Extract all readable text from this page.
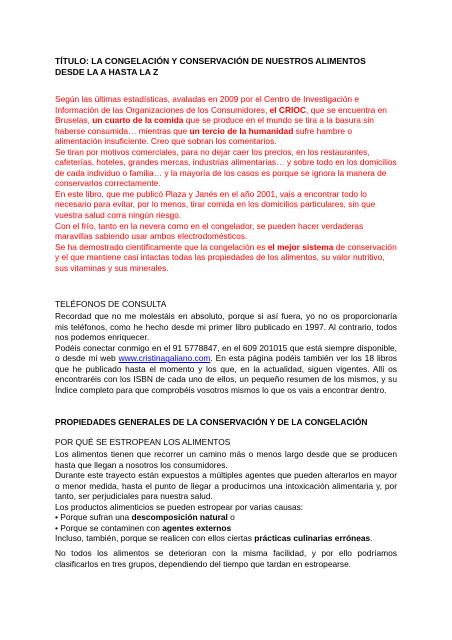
TÍTULO: LA CONGELACIÓN Y CONSERVACIÓN DE NUESTROS ALIMENTOS DESDE LA A HASTA LA Z

Según las últimas estadísticas, avaladas en 2009 por el Centro de Investigación e Información de las Organizaciones de los Consumidores, el CRIOC, que se encuentra en Bruselas, un cuarto de la comida que se produce en el mundo se tira a la basura sin haberse consumida… mientras que un tercio de la humanidad sufre hambre o alimentación insuficiente. Creo que sobran los comentarios.

Se tiran por motivos comerciales, para no dejar caer los precios, en los restaurantes, cafeterías, hoteles, grandes mercas, industrias alimentarias… y sobre todo en los domicilios de cada individuo o familia… y la mayoría de los casos es porque se ignora la manera de conservarlos correctamente.

En este libro, que me publicó Plaza y Janés en el año 2001, vais a encontrar todo lo necesario para evitar, por lo menos, tirar comida en los domicilios particulares, sin que vuestra salud corra ningún riesgo.

Con el frío, tanto en la nevera como en el congelador, se pueden hacer verdaderas maravillas sabiendo usar ambos electrodomésticos.

Se ha demostrado científicamente que la congelación es el mejor sistema de conservación y el que mantiene casi intactas todas las propiedades de los alimentos, su valor nutritivo, sus vitaminas y sus minerales.

TELÉFONOS DE CONSULTA

Recordad que no me molestáis en absoluto, porque si así fuera, yo no os proporcionaría mis teléfonos, como he hecho desde mi primer libro publicado en 1997. Al contrario, todos nos podemos enriquecer.

Podéis conectar conmigo en el 91 5778847, en el 609 201015 que está siempre disponible, o desde mi web www.cristinagaliano.com. En esta página podéis también ver los 18 libros que he publicado hasta el momento y los que, en la actualidad, siguen vigentes. Allí os encontraréis con los ISBN de cada uno de ellos, un pequeño resumen de los mismos, y su Índice completo para que comprobéis vosotros mismos lo que os vais a encontrar dentro.

PROPIEDADES GENERALES DE LA CONSERVACIÓN Y DE LA CONGELACIÓN
POR QUÉ SE ESTROPEAN LOS ALIMENTOS

Los alimentos tienen que recorrer un camino más o menos largo desde que se producen hasta que llegan a nosotros los consumidores.

Durante este trayecto están expuestos a múltiples agentes que pueden alterarlos en mayor o menor medida, hasta el punto de llegar a producirnos una intoxicación alimentaria y, por tanto, ser perjudiciales para nuestra salud.

Los productos alimenticios se pueden estropear por varias causas:

• Porque sufran una descomposición natural o

• Porque se contaminen con agentes externos

Incluso, también, porque se realicen con ellos ciertas prácticas culinarias erróneas.

No todos los alimentos se deterioran con la misma facilidad, y por ello podríamos clasificarlos en tres grupos, dependiendo del tiempo que tardan en estropearse.
